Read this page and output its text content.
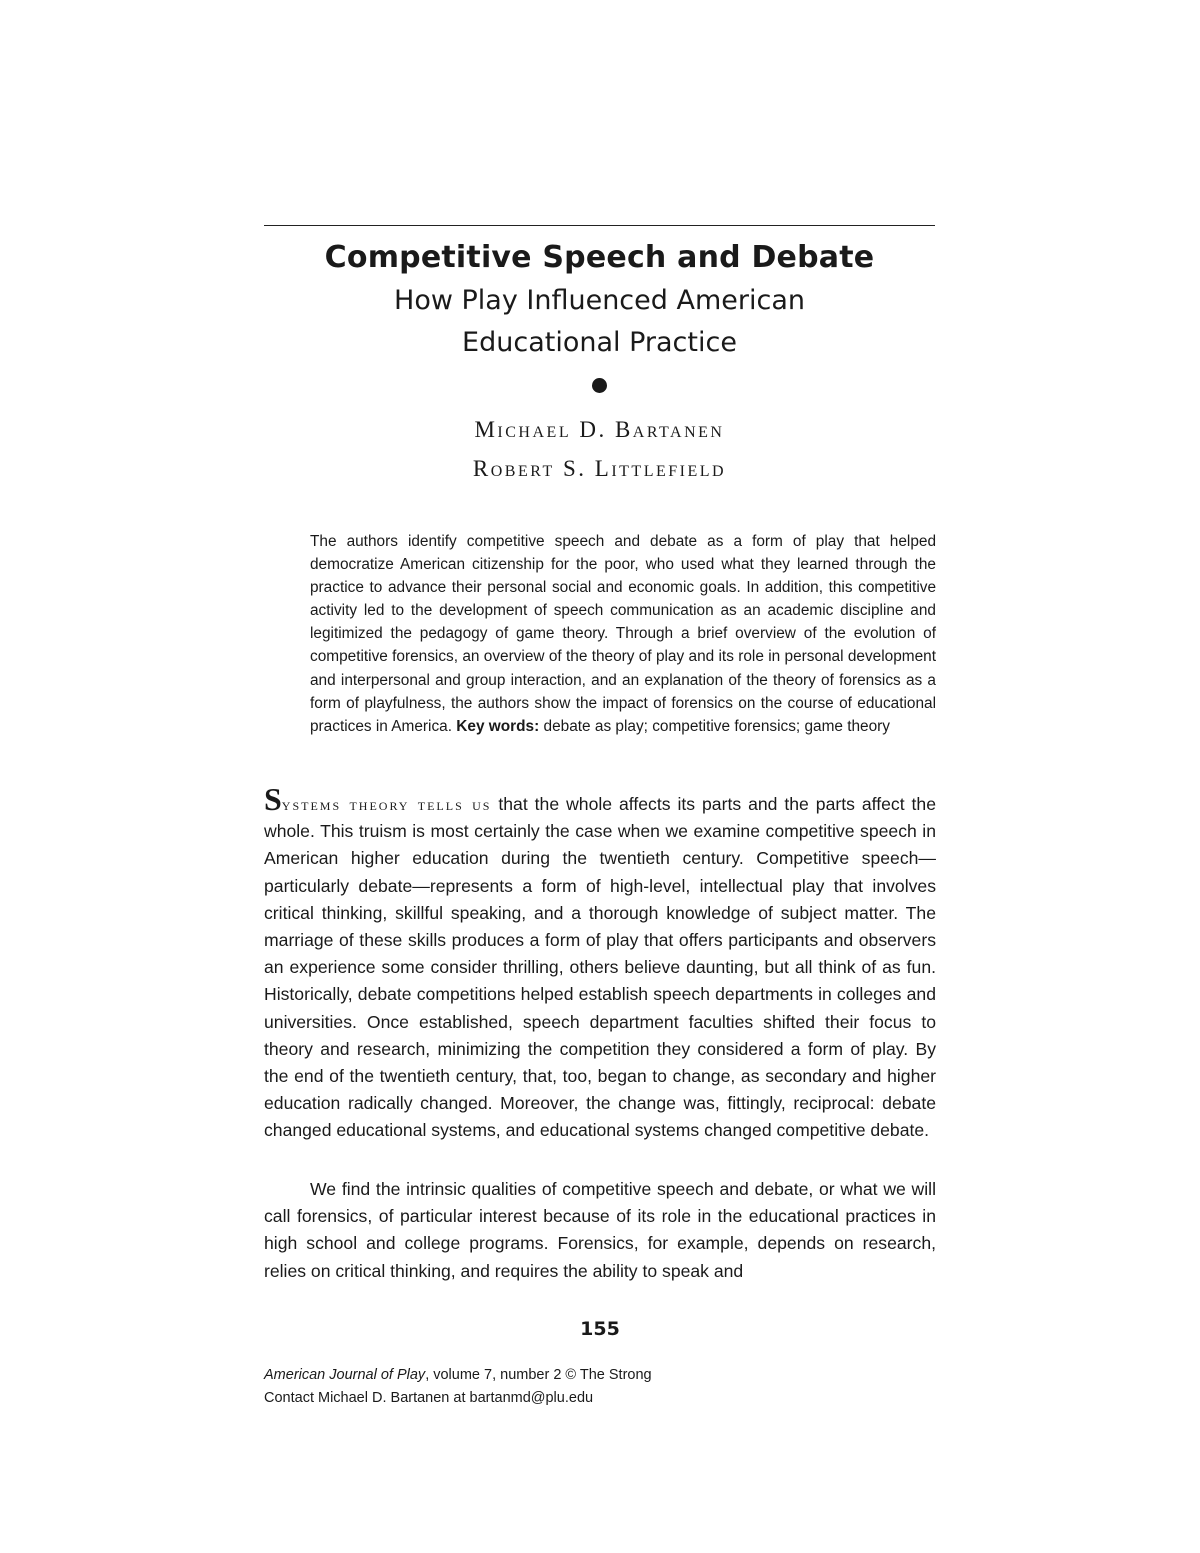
Competitive Speech and Debate
How Play Influenced American
Educational Practice
Michael D. Bartanen
Robert S. Littlefield

The authors identify competitive speech and debate as a form of play that helped democratize American citizenship for the poor, who used what they learned through the practice to advance their personal social and economic goals. In addition, this competitive activity led to the development of speech communication as an academic discipline and legitimized the pedagogy of game theory. Through a brief overview of the evolution of competitive forensics, an overview of the theory of play and its role in personal development and interpersonal and group interaction, and an explanation of the theory of forensics as a form of playfulness, the authors show the impact of forensics on the course of educational practices in America. Key words: debate as play; competitive forensics; game theory

Systems theory tells us that the whole affects its parts and the parts affect the whole. This truism is most certainly the case when we examine competitive speech in American higher education during the twentieth century. Competitive speech—particularly debate—represents a form of high-level, intellectual play that involves critical thinking, skillful speaking, and a thorough knowledge of subject matter. The marriage of these skills produces a form of play that offers participants and observers an experience some consider thrilling, others believe daunting, but all think of as fun. Historically, debate competitions helped establish speech departments in colleges and universities. Once established, speech department faculties shifted their focus to theory and research, minimizing the competition they considered a form of play. By the end of the twentieth century, that, too, began to change, as secondary and higher education radically changed. Moreover, the change was, fittingly, reciprocal: debate changed educational systems, and educational systems changed competitive debate.

We find the intrinsic qualities of competitive speech and debate, or what we will call forensics, of particular interest because of its role in the educational practices in high school and college programs. Forensics, for example, depends on research, relies on critical thinking, and requires the ability to speak and

155
American Journal of Play, volume 7, number 2 © The Strong
Contact Michael D. Bartanen at bartanmd@plu.edu
